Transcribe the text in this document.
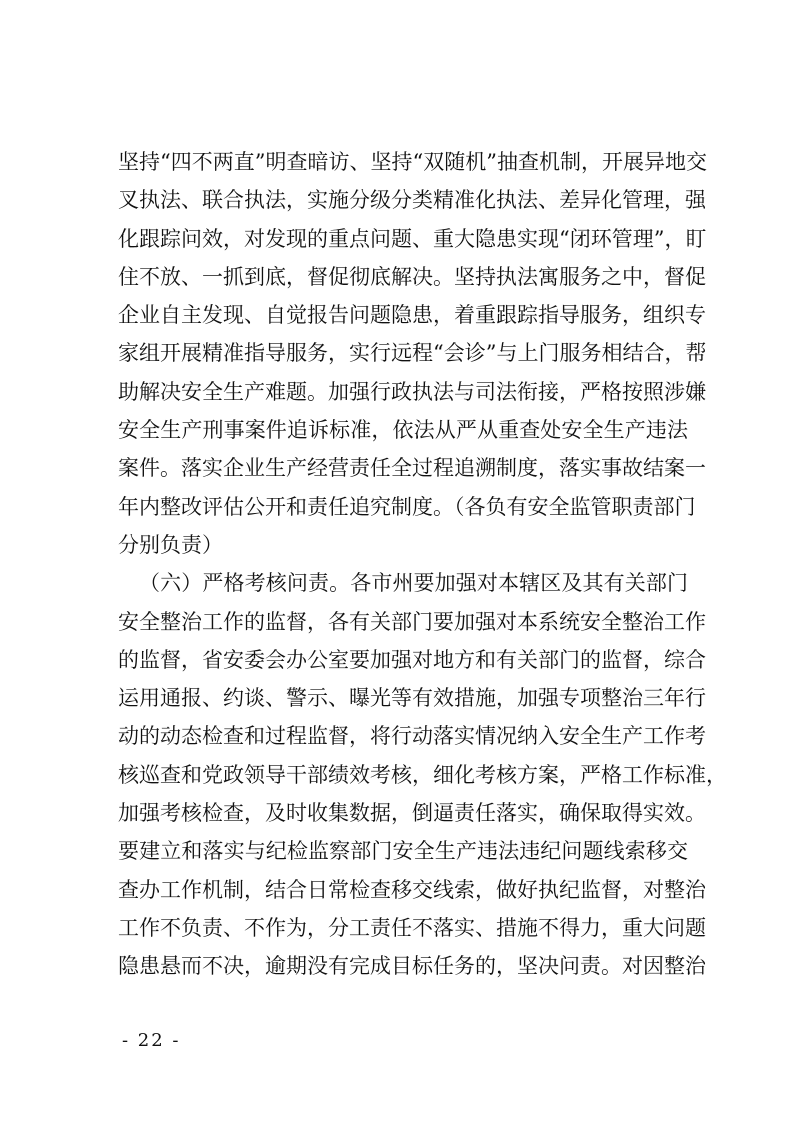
坚持“四不两直”明查暗访、坚持“双随机”抽查机制，开展异地交
叉执法、联合执法，实施分级分类精准化执法、差异化管理，强
化跟踪问效，对发现的重点问题、重大隐患实现“闭环管理”，盯
住不放、一抓到底，督促彻底解决。坚持执法寓服务之中，督促
企业自主发现、自觉报告问题隐患，着重跟踪指导服务，组织专
家组开展精准指导服务，实行远程“会诊”与上门服务相结合，帮
助解决安全生产难题。加强行政执法与司法衔接，严格按照涉嫌
安全生产刑事案件追诉标准，依法从严从重查处安全生产违法
案件。落实企业生产经营责任全过程追溯制度，落实事故结案一
年内整改评估公开和责任追究制度。（各负有安全监管职责部门
分别负责）
（六）严格考核问责。各市州要加强对本辖区及其有关部门
安全整治工作的监督，各有关部门要加强对本系统安全整治工作
的监督，省安委会办公室要加强对地方和有关部门的监督，综合
运用通报、约谈、警示、曝光等有效措施，加强专项整治三年行
动的动态检查和过程监督，将行动落实情况纳入安全生产工作考
核巡查和党政领导干部绩效考核，细化考核方案，严格工作标准，
加强考核检查，及时收集数据，倒逼责任落实，确保取得实效。
要建立和落实与纪检监察部门安全生产违法违纪问题线索移交
查办工作机制，结合日常检查移交线索，做好执纪监督，对整治
工作不负责、不作为，分工责任不落实、措施不得力，重大问题
隐患悬而不决，逾期没有完成目标任务的，坚决问责。对因整治
- 22 -
